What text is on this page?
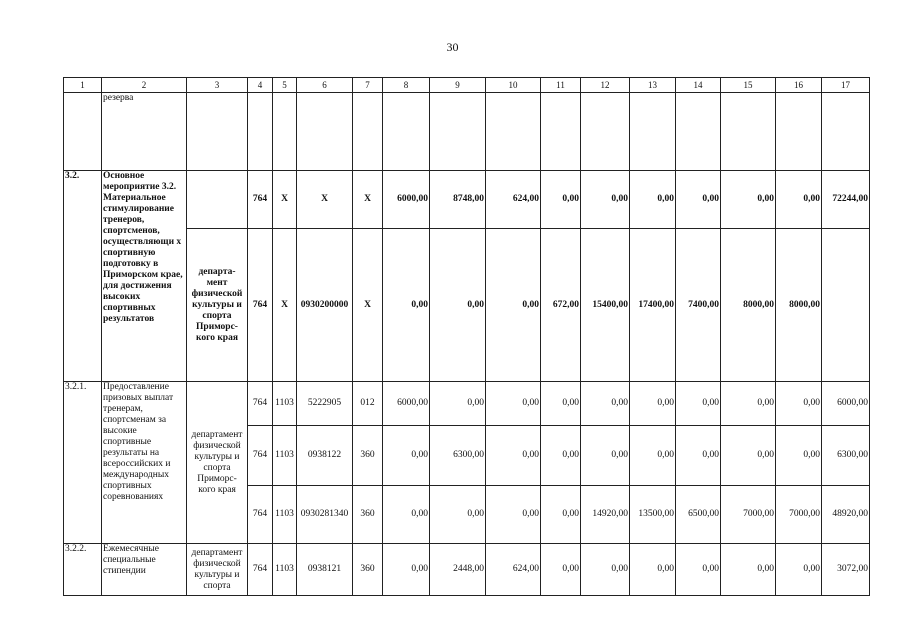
30
1	2	3	4	5	6	7	8	9	10	11	12	13	14	15	16	17
	резерва															
3.2.	Основное мероприятие 3.2. Материальное стимулирование тренеров, спортсменов, осуществляющи х спортивную подготовку в Приморском крае, для достижения высоких спортивных результатов		764	X	X	X	6000,00	8748,00	624,00	0,00	0,00	0,00	0,00	0,00	0,00	72244,00
		департа- мент физической культуры и спорта Приморс- кого края	764	X	0930200000	X	0,00	0,00	0,00	672,00	15400,00	17400,00	7400,00	8000,00	8000,00	
3.2.1.	Предоставление призовых выплат тренерам, спортсменам за высокие спортивные результаты на всероссийских и международных спортивных соревнованиях	департамент физической культуры и спорта Приморс- кого края	764	1103	5222905	012	6000,00	0,00	0,00	0,00	0,00	0,00	0,00	0,00	0,00	6000,00
			764	1103	0938122	360	0,00	6300,00	0,00	0,00	0,00	0,00	0,00	0,00	0,00	6300,00
			764	1103	0930281340	360	0,00	0,00	0,00	0,00	14920,00	13500,00	6500,00	7000,00	7000,00	48920,00
3.2.2.	Ежемесячные специальные стипендии	департамент физической культуры и спорта	764	1103	0938121	360	0,00	2448,00	624,00	0,00	0,00	0,00	0,00	0,00	0,00	3072,00
